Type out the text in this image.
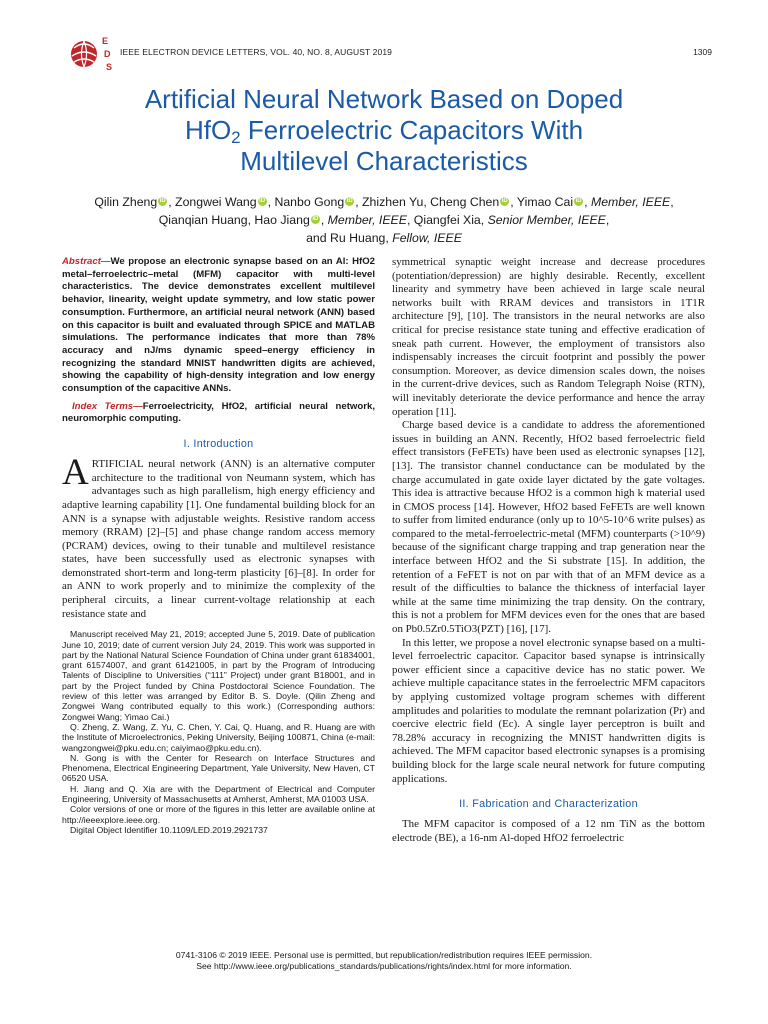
E
D
S
IEEE ELECTRON DEVICE LETTERS, VOL. 40, NO. 8, AUGUST 2019	1309
Artificial Neural Network Based on Doped
HfO$_2$ Ferroelectric Capacitors With
Multilevel Characteristics
Qilin Zheng iD , Zongwei Wang iD , Nanbo Gong iD , Zhizhen Yu, Cheng Chen iD , Yimao Cai iD , Member, IEEE,
Qianqian Huang, Hao Jiang iD , Member, IEEE, Qiangfei Xia, Senior Member, IEEE,
and Ru Huang, Fellow, IEEE
Abstract—We propose an electronic synapse based on an Al: HfO2 metal–ferroelectric–metal (MFM) capacitor with multi-level characteristics. The device demonstrates excellent multilevel behavior, linearity, weight update symmetry, and low static power consumption. Furthermore, an artificial neural network (ANN) based on this capacitor is built and evaluated through SPICE and MATLAB simulations. The performance indicates that more than 78% accuracy and nJ/ms dynamic speed–energy efficiency in recognizing the standard MNIST handwritten digits are achieved, showing the capability of high-density integration and low energy consumption of the capacitive ANNs.
Index Terms—Ferroelectricity, HfO2, artificial neural network, neuromorphic computing.
I. Introduction
ARTIFICIAL neural network (ANN) is an alternative computer architecture to the traditional von Neumann system, which has advantages such as high parallelism, high energy efficiency and adaptive learning capability [1]. One fundamental building block for an ANN is a synapse with adjustable weights. Resistive random access memory (RRAM) [2]–[5] and phase change random access memory (PCRAM) devices, owing to their tunable and multilevel resistance states, have been successfully used as electronic synapses with demonstrated short-term and long-term plasticity [6]–[8]. In order for an ANN to work properly and to minimize the complexity of the peripheral circuits, a linear current-voltage relationship at each resistance state and

Manuscript received May 21, 2019; accepted June 5, 2019. Date of publication June 10, 2019; date of current version July 24, 2019. This work was supported in part by the National Natural Science Foundation of China under grant 61834001, grant 61574007, and grant 61421005, in part by the Program of Introducing Talents of Discipline to Universities (“111” Project) under grant B18001, and in part by the Project funded by China Postdoctoral Science Foundation. The review of this letter was arranged by Editor B. S. Doyle. (Qilin Zheng and Zongwei Wang contributed equally to this work.) (Corresponding authors: Zongwei Wang; Yimao Cai.)

Q. Zheng, Z. Wang, Z. Yu, C. Chen, Y. Cai, Q. Huang, and R. Huang are with the Institute of Microelectronics, Peking University, Beijing 100871, China (e-mail: wangzongwei@pku.edu.cn; caiyimao@pku.edu.cn).

N. Gong is with the Center for Research on Interface Structures and Phenomena, Electrical Engineering Department, Yale University, New Haven, CT 06520 USA.

H. Jiang and Q. Xia are with the Department of Electrical and Computer Engineering, University of Massachusetts at Amherst, Amherst, MA 01003 USA.

Color versions of one or more of the figures in this letter are available online at http://ieeexplore.ieee.org.

Digital Object Identifier 10.1109/LED.2019.2921737

symmetrical synaptic weight increase and decrease procedures (potentiation/depression) are highly desirable. Recently, excellent linearity and symmetry have been achieved in large scale neural networks built with RRAM devices and transistors in 1T1R architecture [9], [10]. The transistors in the neural networks are also critical for precise resistance state tuning and effective eradication of sneak path current. However, the employment of transistors also indispensably increases the circuit footprint and possibly the power consumption. Moreover, as device dimension scales down, the noises in the current-drive devices, such as Random Telegraph Noise (RTN), will inevitably deteriorate the device performance and hence the array operation [11].

Charge based device is a candidate to address the aforementioned issues in building an ANN. Recently, HfO2 based ferroelectric field effect transistors (FeFETs) have been used as electronic synapses [12], [13]. The transistor channel conductance can be modulated by the charge accumulated in gate oxide layer dictated by the gate voltages. This idea is attractive because HfO2 is a common high k material used in CMOS process [14]. However, HfO2 based FeFETs are well known to suffer from limited endurance (only up to 10^5-10^6 write pulses) as compared to the metal-ferroelectric-metal (MFM) counterparts (>10^9) because of the significant charge trapping and trap generation near the interface between HfO2 and the Si substrate [15]. In addition, the retention of a FeFET is not on par with that of an MFM device as a result of the difficulties to balance the thickness of interfacial layer while at the same time minimizing the trap density. On the contrary, this is not a problem for MFM devices even for the ones that are based on Pb0.5Zr0.5TiO3(PZT) [16], [17].

In this letter, we propose a novel electronic synapse based on a multi-level ferroelectric capacitor. Capacitor based synapse is intrinsically power efficient since a capacitive device has no static power. We achieve multiple capacitance states in the ferroelectric MFM capacitors by applying customized voltage program schemes with different amplitudes and polarities to modulate the remnant polarization (Pr) and coercive electric field (Ec). A single layer perceptron is built and 78.28% accuracy in recognizing the MNIST handwritten digits is achieved. The MFM capacitor based electronic synapses is a promising building block for the large scale neural network for future computing applications.

II. Fabrication and Characterization

The MFM capacitor is composed of a 12 nm TiN as the bottom electrode (BE), a 16-nm Al-doped HfO2 ferroelectric

0741-3106 © 2019 IEEE. Personal use is permitted, but republication/redistribution requires IEEE permission.
See http://www.ieee.org/publications_standards/publications/rights/index.html for more information.
